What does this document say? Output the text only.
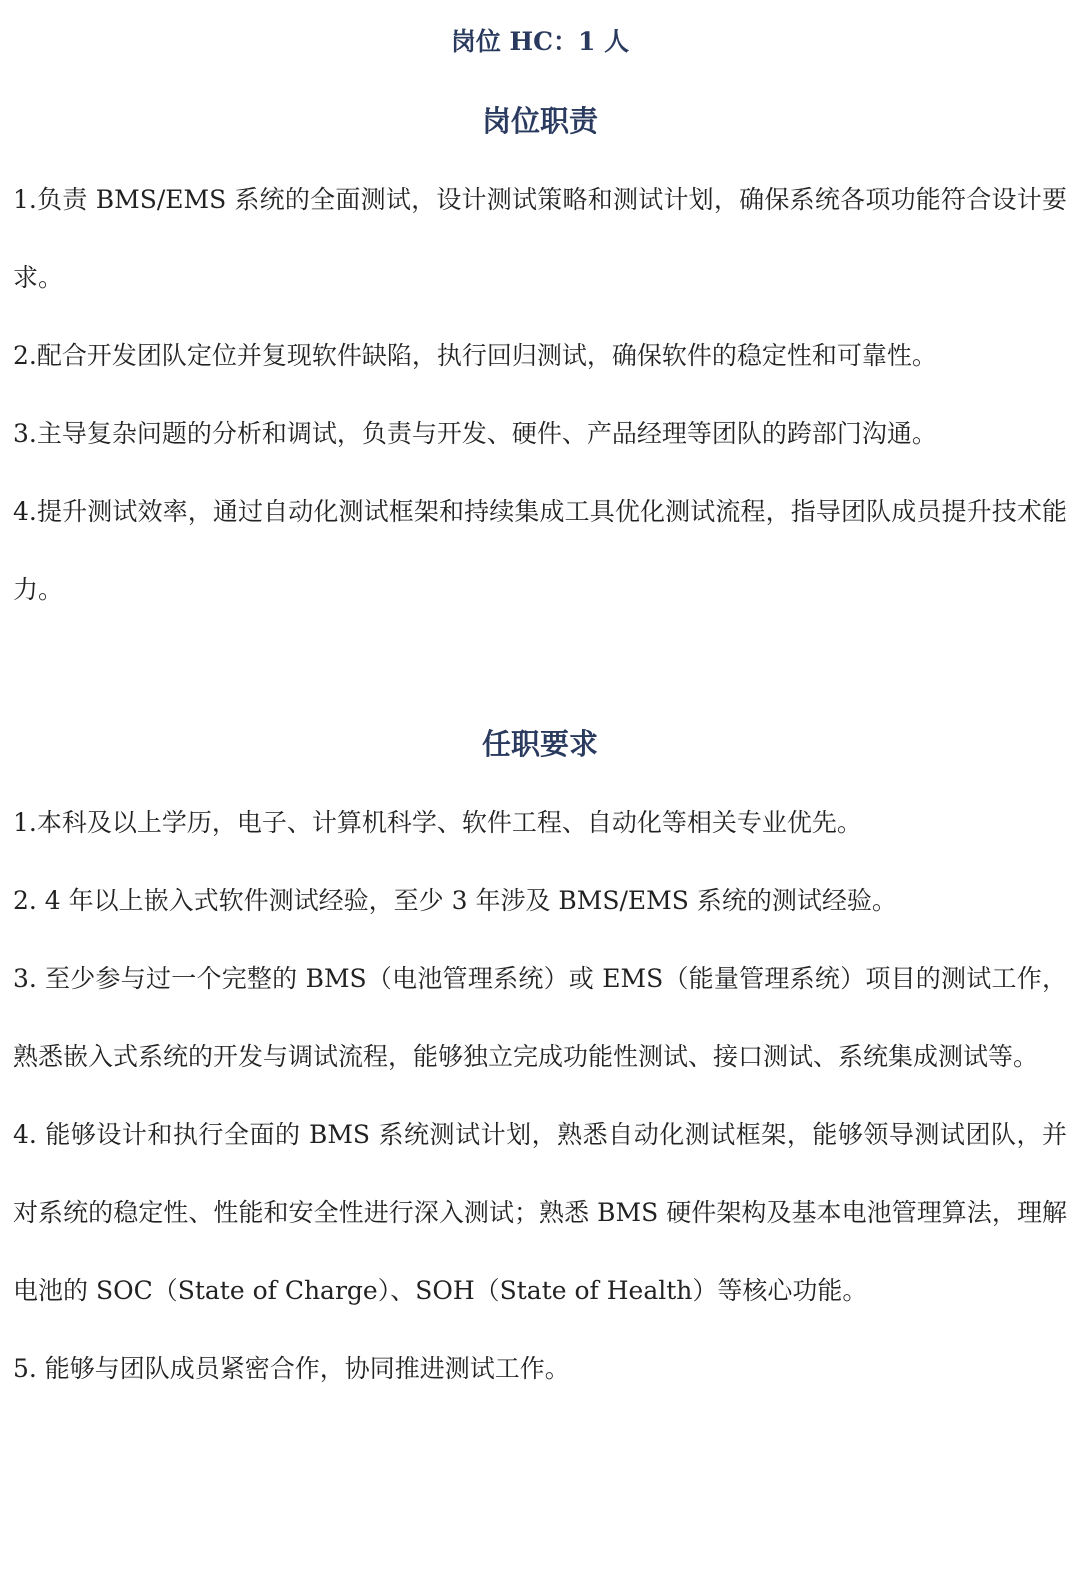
岗位 HC：1 人
岗位职责

1.负责 BMS/EMS 系统的全面测试，设计测试策略和测试计划，确保系统各项功能符合设计要求。

2.配合开发团队定位并复现软件缺陷，执行回归测试，确保软件的稳定性和可靠性。

3.主导复杂问题的分析和调试，负责与开发、硬件、产品经理等团队的跨部门沟通。

4.提升测试效率，通过自动化测试框架和持续集成工具优化测试流程，指导团队成员提升技术能力。

任职要求

1.本科及以上学历，电子、计算机科学、软件工程、自动化等相关专业优先。

2. 4 年以上嵌入式软件测试经验，至少 3 年涉及 BMS/EMS 系统的测试经验。

3. 至少参与过一个完整的 BMS（电池管理系统）或 EMS（能量管理系统）项目的测试工作，熟悉嵌入式系统的开发与调试流程，能够独立完成功能性测试、接口测试、系统集成测试等。

4. 能够设计和执行全面的 BMS 系统测试计划，熟悉自动化测试框架，能够领导测试团队，并对系统的稳定性、性能和安全性进行深入测试；熟悉 BMS 硬件架构及基本电池管理算法，理解电池的 SOC（State of Charge）、SOH（State of Health）等核心功能。

5. 能够与团队成员紧密合作，协同推进测试工作。
